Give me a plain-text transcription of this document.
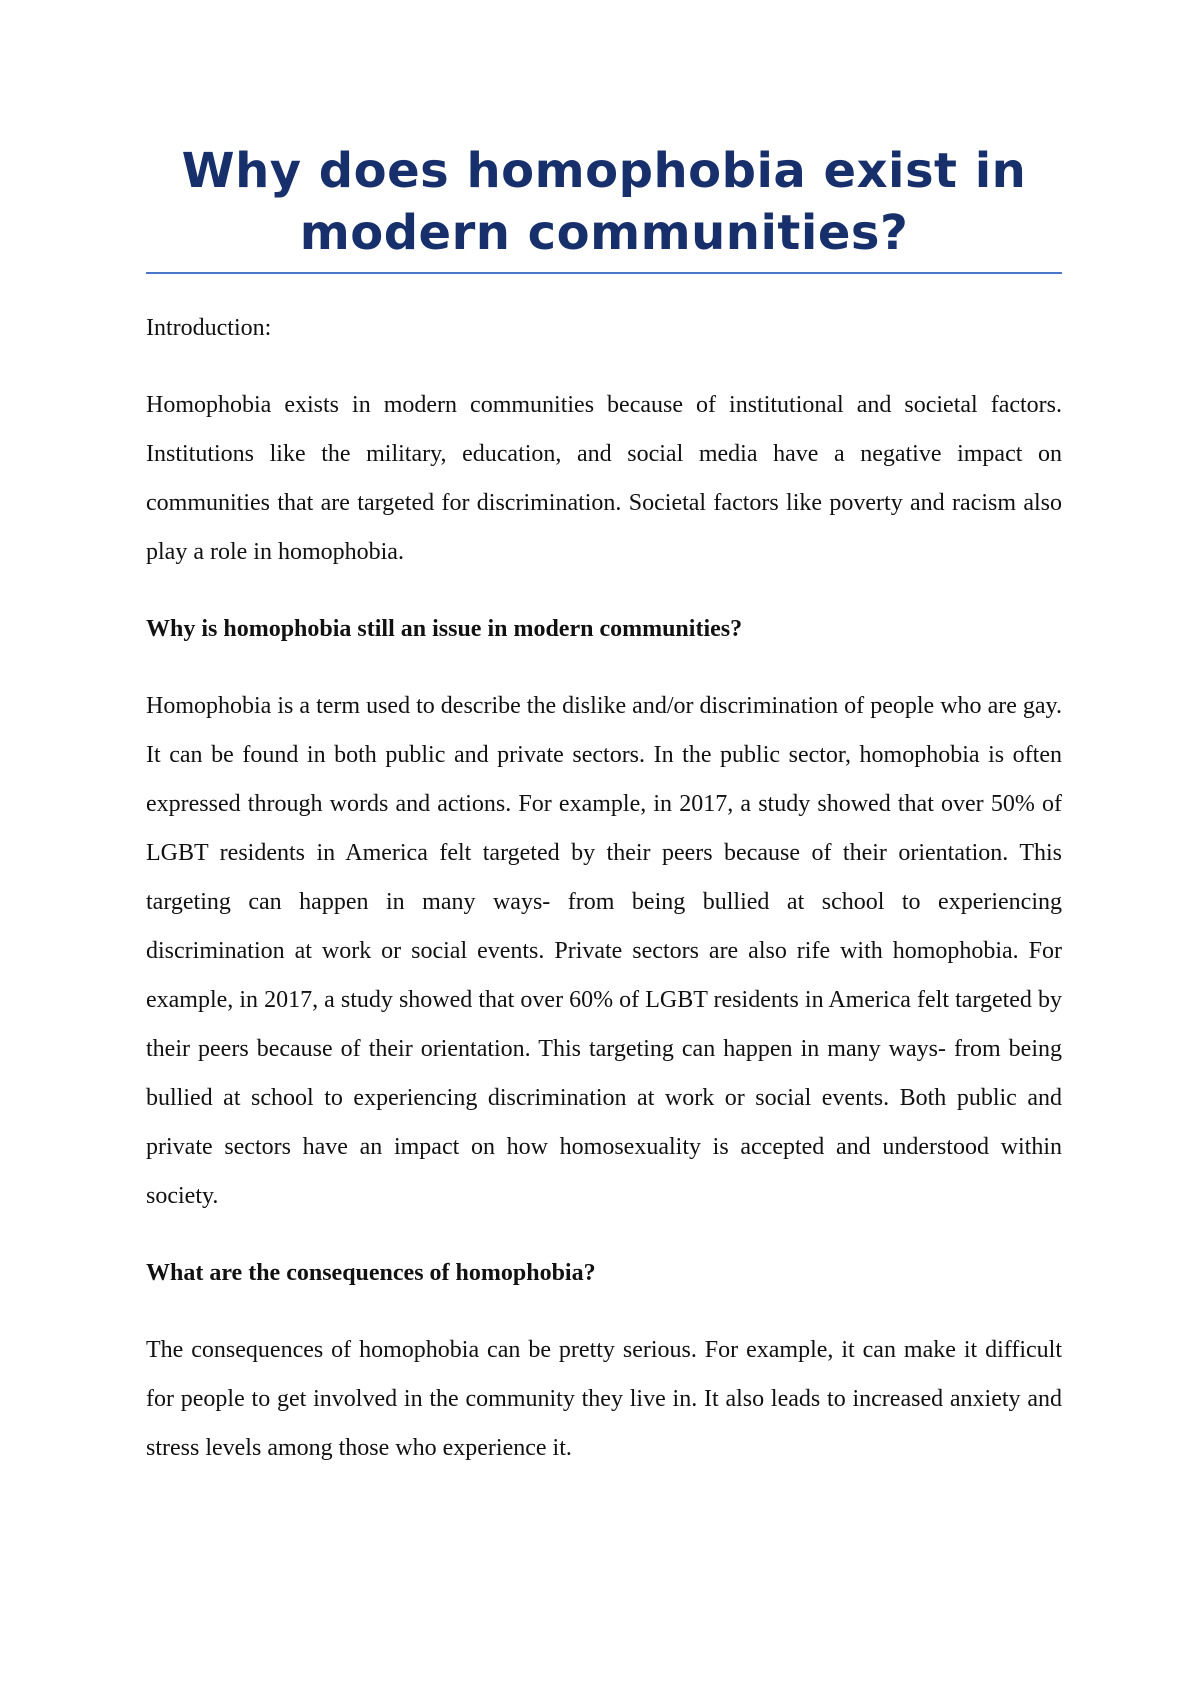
Why does homophobia exist in modern communities?

Introduction:

Homophobia exists in modern communities because of institutional and societal factors. Institutions like the military, education, and social media have a negative impact on communities that are targeted for discrimination. Societal factors like poverty and racism also play a role in homophobia.

Why is homophobia still an issue in modern communities?

Homophobia is a term used to describe the dislike and/or discrimination of people who are gay. It can be found in both public and private sectors. In the public sector, homophobia is often expressed through words and actions. For example, in 2017, a study showed that over 50% of LGBT residents in America felt targeted by their peers because of their orientation. This targeting can happen in many ways- from being bullied at school to experiencing discrimination at work or social events. Private sectors are also rife with homophobia. For example, in 2017, a study showed that over 60% of LGBT residents in America felt targeted by their peers because of their orientation. This targeting can happen in many ways- from being bullied at school to experiencing discrimination at work or social events. Both public and private sectors have an impact on how homosexuality is accepted and understood within society.

What are the consequences of homophobia?

The consequences of homophobia can be pretty serious. For example, it can make it difficult for people to get involved in the community they live in. It also leads to increased anxiety and stress levels among those who experience it.
